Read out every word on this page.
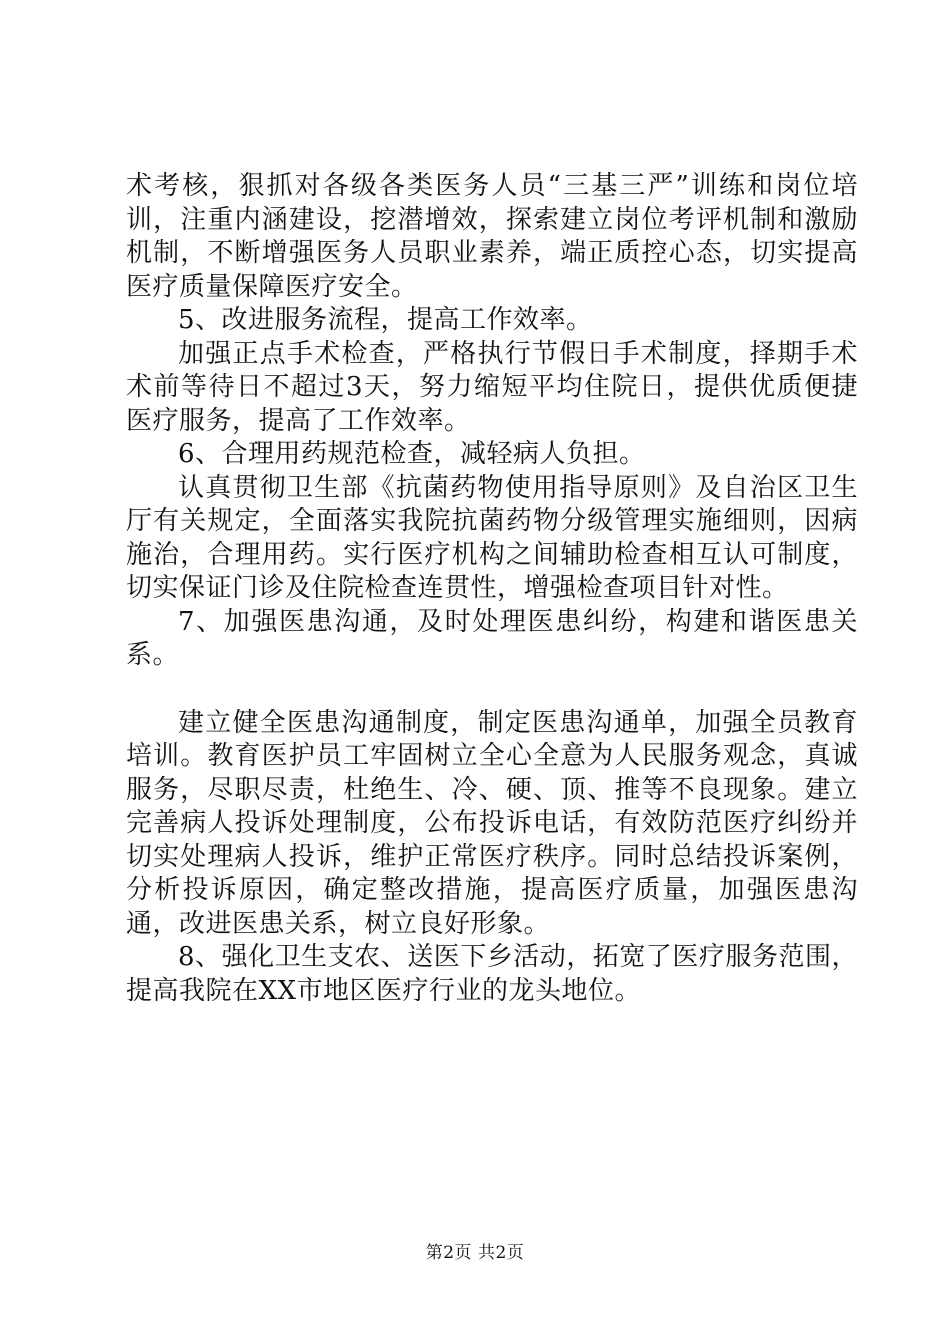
术考核，狠抓对各级各类医务人员“三基三严”训练和岗位培训，注重内涵建设，挖潜增效，探索建立岗位考评机制和激励机制，不断增强医务人员职业素养，端正质控心态，切实提高医疗质量保障医疗安全。

5、改进服务流程，提高工作效率。

加强正点手术检查，严格执行节假日手术制度，择期手术术前等待日不超过3天，努力缩短平均住院日，提供优质便捷医疗服务，提高了工作效率。

6、合理用药规范检查，减轻病人负担。

认真贯彻卫生部《抗菌药物使用指导原则》及自治区卫生厅有关规定，全面落实我院抗菌药物分级管理实施细则，因病施治，合理用药。实行医疗机构之间辅助检查相互认可制度，切实保证门诊及住院检查连贯性，增强检查项目针对性。

7、加强医患沟通，及时处理医患纠纷，构建和谐医患关系。

建立健全医患沟通制度，制定医患沟通单，加强全员教育培训。教育医护员工牢固树立全心全意为人民服务观念，真诚服务，尽职尽责，杜绝生、冷、硬、顶、推等不良现象。建立完善病人投诉处理制度，公布投诉电话，有效防范医疗纠纷并切实处理病人投诉，维护正常医疗秩序。同时总结投诉案例，分析投诉原因，确定整改措施，提高医疗质量，加强医患沟通，改进医患关系，树立良好形象。

8、强化卫生支农、送医下乡活动，拓宽了医疗服务范围，提高我院在XX市地区医疗行业的龙头地位。

第2页 共2页
